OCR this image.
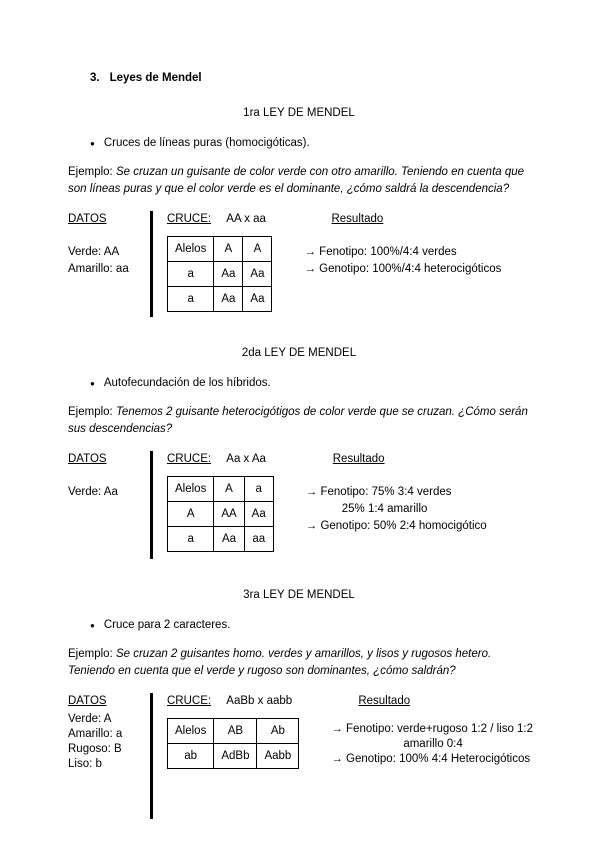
3. Leyes de Mendel
1ra LEY DE MENDEL
●
Cruces de líneas puras (homocigóticas).

Ejemplo: Se cruzan un guisante de color verde con otro amarillo. Teniendo en cuenta que son líneas puras y que el color verde es el dominante, ¿cómo saldrá la descendencia?

DATOS
Verde: AA
Amarillo: aa
CRUCE: AA x aa
Alelos	A	A
a	Aa	Aa
a	Aa	Aa
Resultado
→ Fenotipo: 100%/4:4 verdes
→ Genotipo: 100%/4:4 heterocigóticos
2da LEY DE MENDEL
●
Autofecundación de los híbridos.

Ejemplo: Tenemos 2 guisante heterocigótigos de color verde que se cruzan. ¿Cómo serán sus descendencias?

DATOS
Verde: Aa
CRUCE: Aa x Aa
Alelos	A	a
A	AA	Aa
a	Aa	aa
Resultado
→ Fenotipo: 75% 3:4 verdes
25% 1:4 amarillo
→ Genotipo: 50% 2:4 homocigótico
3ra LEY DE MENDEL
●
Cruce para 2 caracteres.

Ejemplo: Se cruzan 2 guisantes homo. verdes y amarillos, y lisos y rugosos hetero. Teniendo en cuenta que el verde y rugoso son dominantes, ¿cómo saldrán?

DATOS
Verde: A
Amarillo: a
Rugoso: B
Liso: b
CRUCE: AaBb x aabb
Alelos	AB	Ab
ab	AdBb	Aabb
Resultado
→ Fenotipo: verde+rugoso 1:2 / liso 1:2
amarillo 0:4
→ Genotipo: 100% 4:4 Heterocigóticos
